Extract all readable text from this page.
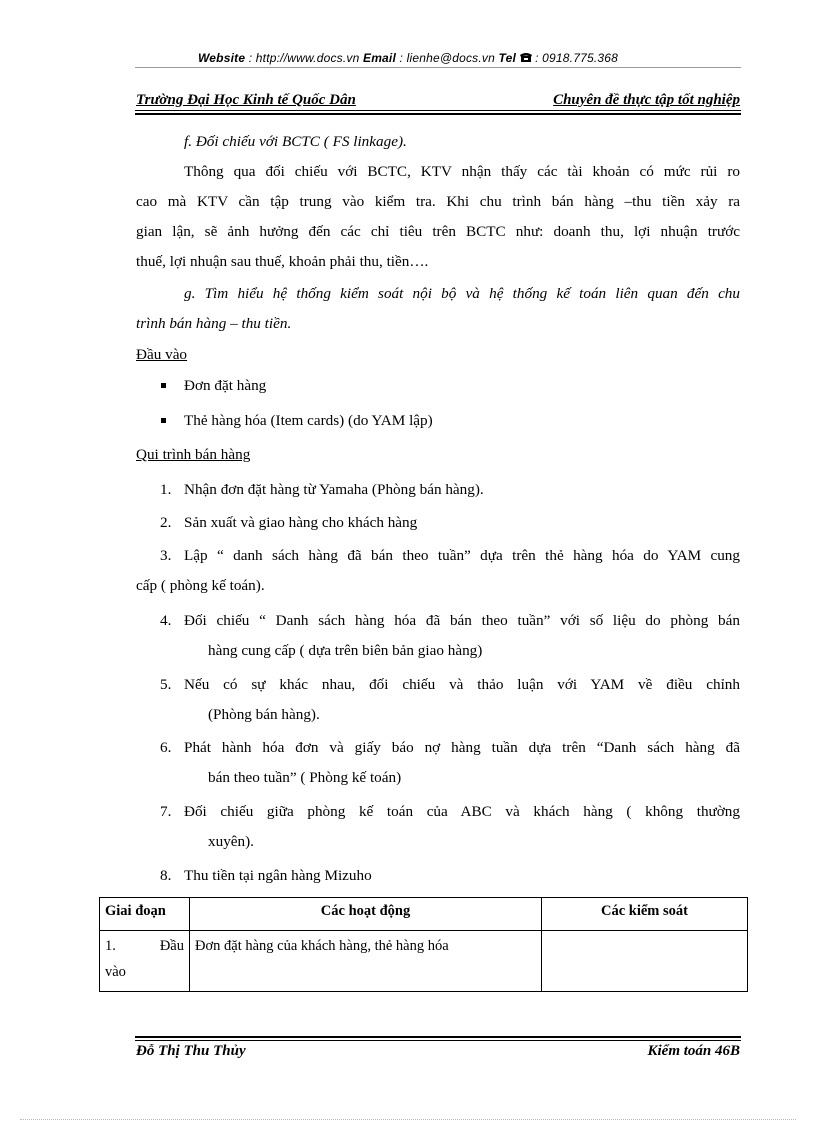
Website : http://www.docs.vn Email : lienhe@docs.vn Tel  : 0918.775.368
Trường Đại Học Kinh tế Quốc Dân	Chuyên đề thực tập tốt nghiệp
f. Đối chiếu với BCTC ( FS linkage).
Thông qua đối chiếu với BCTC, KTV nhận thấy các tài khoản có mức rủi ro
cao mà KTV cần tập trung vào kiểm tra. Khi chu trình bán hàng –thu tiền xảy ra
gian lận, sẽ ảnh hưởng đến các chỉ tiêu trên BCTC như: doanh thu, lợi nhuận trước
thuế, lợi nhuận sau thuế, khoản phải thu, tiền….
g. Tìm hiểu hệ thống kiểm soát nội bộ và hệ thống kế toán liên quan đến chu
trình bán hàng – thu tiền.
Đầu vào
Đơn đặt hàng
Thẻ hàng hóa (Item cards) (do YAM lập)
Qui trình bán hàng
1. Nhận đơn đặt hàng từ Yamaha (Phòng bán hàng).
2. Sản xuất và giao hàng cho khách hàng
3. Lập “ danh sách hàng đã bán theo tuần” dựa trên thẻ hàng hóa do YAM cung
cấp ( phòng kế toán).
4. Đối chiếu “ Danh sách hàng hóa đã bán theo tuần” với số liệu do phòng bán
hàng cung cấp ( dựa trên biên bản giao hàng)
5. Nếu có sự khác nhau, đối chiếu và thảo luận với YAM về điều chỉnh
(Phòng bán hàng).
6. Phát hành hóa đơn và giấy báo nợ hàng tuần dựa trên “Danh sách hàng đã
bán theo tuần” ( Phòng kế toán)
7. Đối chiếu giữa phòng kế toán của ABC và khách hàng ( không thường
xuyên).
8. Thu tiền tại ngân hàng Mizuho
Giai đoạn	Các hoạt động	Các kiểm soát

1. Đầu
vào	Đơn đặt hàng của khách hàng, thẻ hàng hóa	
Đỗ Thị Thu Thủy	Kiểm toán 46B
